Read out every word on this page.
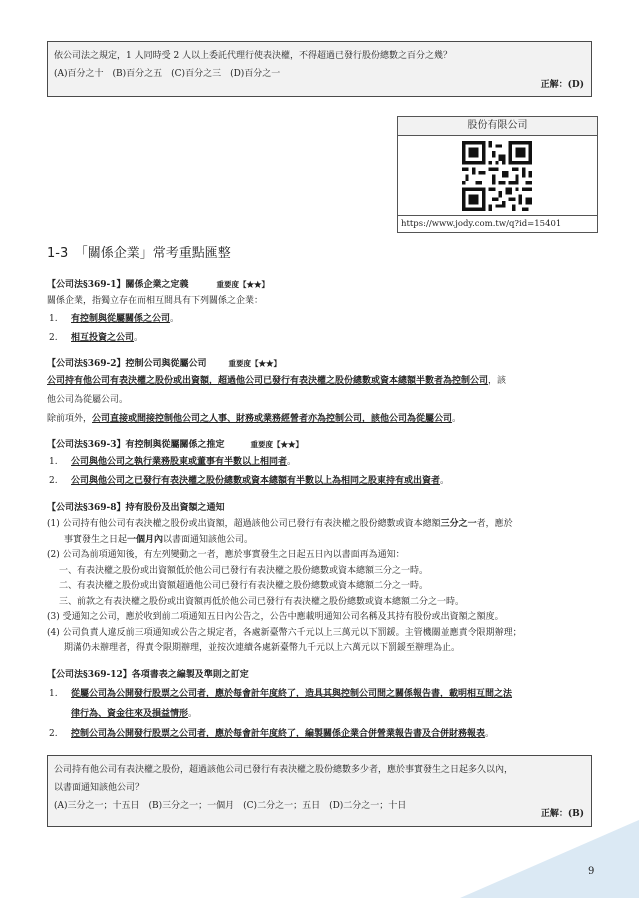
依公司法之規定，1 人同時受 2 人以上委託代理行使表決權，不得超過已發行股份總數之百分之幾？
(A)百分之十　(B)百分之五　(C)百分之三　(D)百分之一
正解：(D)
股份有限公司
https://www.jody.com.tw/q?id=15401
1-3　「關係企業」常考重點匯整
【公司法§369-1】關係企業之定義	重要度【★★】
關係企業，指獨立存在而相互間具有下列關係之企業：
1. 有控制與從屬關係之公司。
2. 相互投資之公司。
【公司法§369-2】控制公司與從屬公司	重要度【★★】
公司持有他公司有表決權之股份或出資額，超過他公司已發行有表決權之股份總數或資本總額半數者為控制公司，該
他公司為從屬公司。
除前項外，公司直接或間接控制他公司之人事、財務或業務經營者亦為控制公司，該他公司為從屬公司。
【公司法§369-3】有控制與從屬關係之推定	重要度【★★】
1. 公司與他公司之執行業務股東或董事有半數以上相同者。
2. 公司與他公司之已發行有表決權之股份總數或資本總額有半數以上為相同之股東持有或出資者。
【公司法§369-8】持有股份及出資額之通知
(1) 公司持有他公司有表決權之股份或出資額，超過該他公司已發行有表決權之股份總數或資本總額三分之一者，應於
事實發生之日起一個月內以書面通知該他公司。
(2) 公司為前項通知後，有左列變動之一者，應於事實發生之日起五日內以書面再為通知：
一、有表決權之股份或出資額低於他公司已發行有表決權之股份總數或資本總額三分之一時。
二、有表決權之股份或出資額超過他公司已發行有表決權之股份總數或資本總額二分之一時。
三、前款之有表決權之股份或出資額再低於他公司已發行有表決權之股份總數或資本總額二分之一時。
(3) 受通知之公司，應於收到前二項通知五日內公告之，公告中應載明通知公司名稱及其持有股份或出資額之額度。
(4) 公司負責人違反前三項通知或公告之規定者，各處新臺幣六千元以上三萬元以下罰鍰。主管機關並應責令限期辦理；
期滿仍未辦理者，得責令限期辦理，並按次連續各處新臺幣九千元以上六萬元以下罰鍰至辦理為止。
【公司法§369-12】各項書表之編製及準則之訂定
1. 從屬公司為公開發行股票之公司者，應於每會計年度終了，造具其與控制公司間之關係報告書，載明相互間之法
律行為、資金往來及損益情形。
2. 控制公司為公開發行股票之公司者，應於每會計年度終了，編製關係企業合併營業報告書及合併財務報表。
公司持有他公司有表決權之股份，超過該他公司已發行有表決權之股份總數多少者，應於事實發生之日起多久以內，
以書面通知該他公司？
(A)三分之一；十五日　(B)三分之一；一個月　(C)二分之一；五日　(D)二分之一；十日
正解：(B)
9
